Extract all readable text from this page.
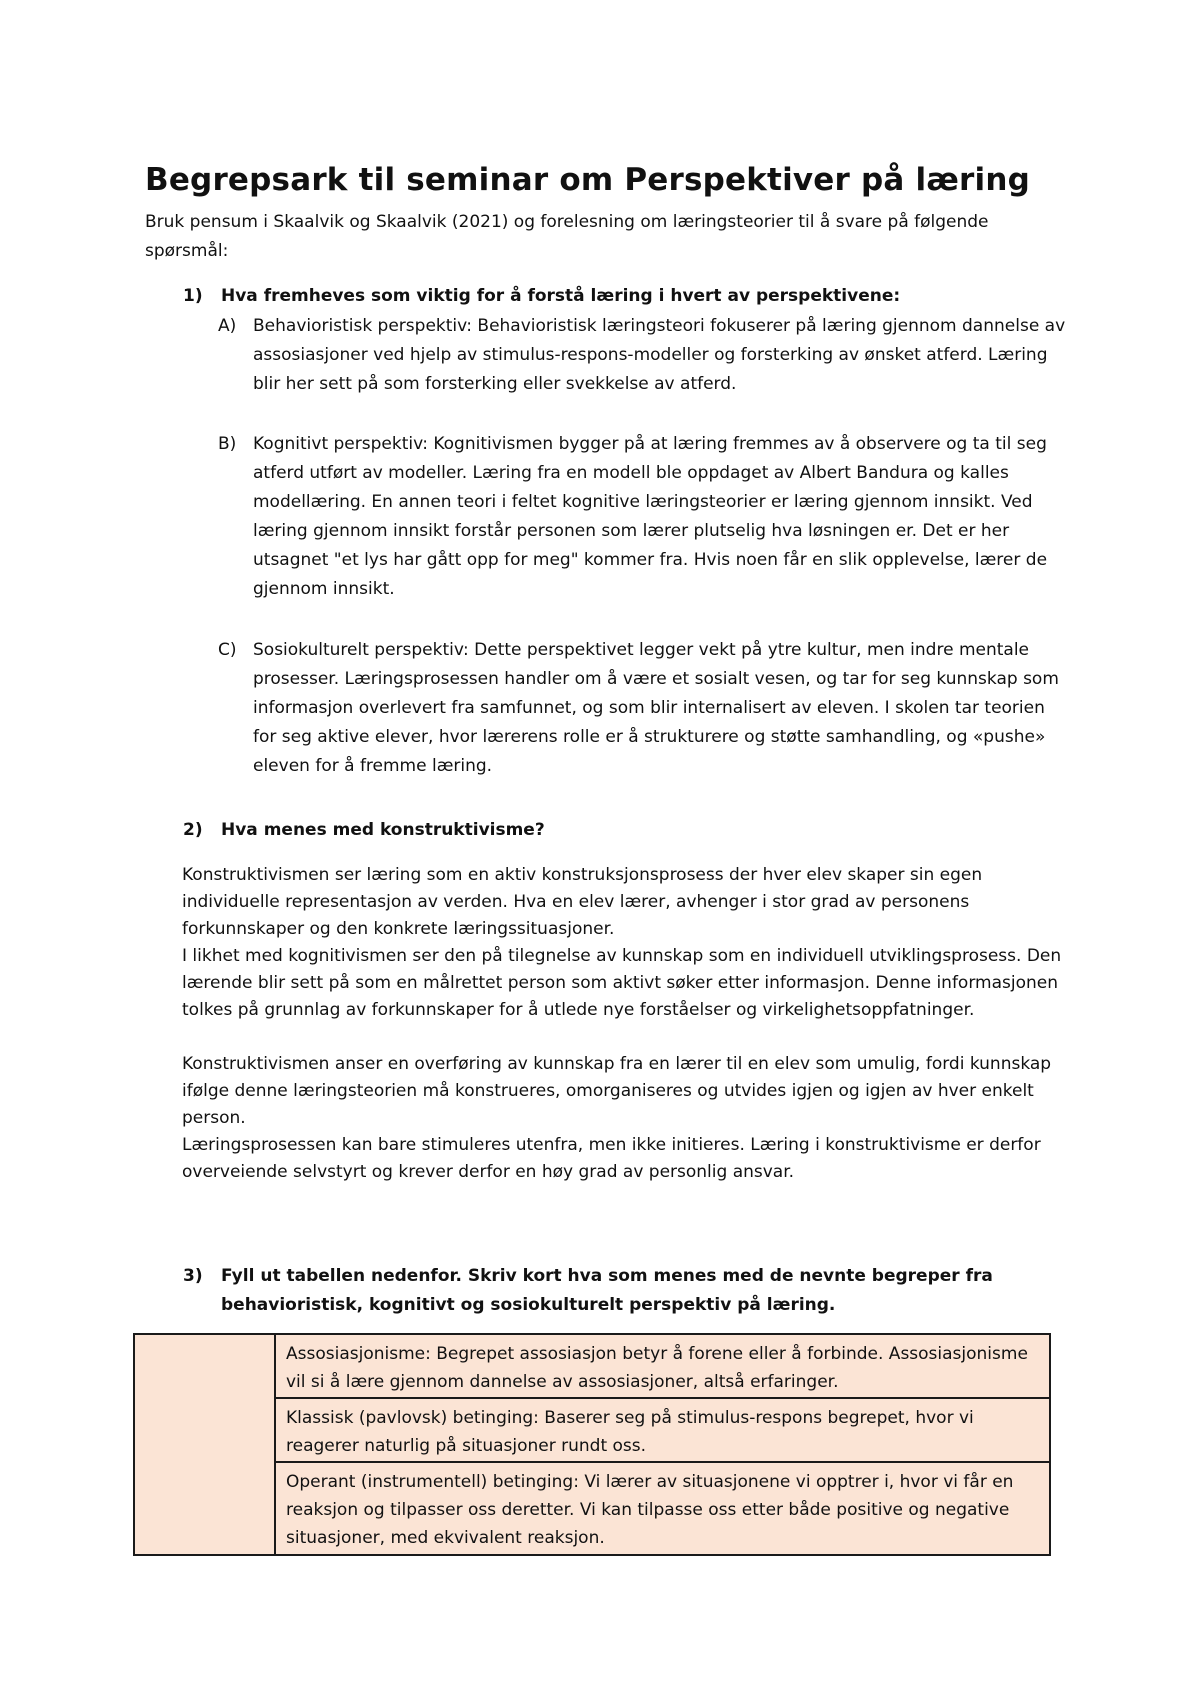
Begrepsark til seminar om Perspektiver på læring
Bruk pensum i Skaalvik og Skaalvik (2021) og forelesning om læringsteorier til å svare på følgende spørsmål:
1) Hva fremheves som viktig for å forstå læring i hvert av perspektivene:
A) Behavioristisk perspektiv: Behavioristisk læringsteori fokuserer på læring gjennom dannelse av assosiasjoner ved hjelp av stimulus-respons-modeller og forsterking av ønsket atferd. Læring blir her sett på som forsterking eller svekkelse av atferd.
B) Kognitivt perspektiv: Kognitivismen bygger på at læring fremmes av å observere og ta til seg atferd utført av modeller. Læring fra en modell ble oppdaget av Albert Bandura og kalles modellæring. En annen teori i feltet kognitive læringsteorier er læring gjennom innsikt. Ved læring gjennom innsikt forstår personen som lærer plutselig hva løsningen er. Det er her utsagnet "et lys har gått opp for meg" kommer fra. Hvis noen får en slik opplevelse, lærer de gjennom innsikt.
C) Sosiokulturelt perspektiv: Dette perspektivet legger vekt på ytre kultur, men indre mentale prosesser. Læringsprosessen handler om å være et sosialt vesen, og tar for seg kunnskap som informasjon overlevert fra samfunnet, og som blir internalisert av eleven. I skolen tar teorien for seg aktive elever, hvor lærerens rolle er å strukturere og støtte samhandling, og «pushe» eleven for å fremme læring.
2) Hva menes med konstruktivisme?
Konstruktivismen ser læring som en aktiv konstruksjonsprosess der hver elev skaper sin egen individuelle representasjon av verden. Hva en elev lærer, avhenger i stor grad av personens forkunnskaper og den konkrete læringssituasjoner.
I likhet med kognitivismen ser den på tilegnelse av kunnskap som en individuell utviklingsprosess. Den lærende blir sett på som en målrettet person som aktivt søker etter informasjon. Denne informasjonen tolkes på grunnlag av forkunnskaper for å utlede nye forståelser og virkelighetsoppfatninger.
Konstruktivismen anser en overføring av kunnskap fra en lærer til en elev som umulig, fordi kunnskap ifølge denne læringsteorien må konstrueres, omorganiseres og utvides igjen og igjen av hver enkelt person.
Læringsprosessen kan bare stimuleres utenfra, men ikke initieres. Læring i konstruktivisme er derfor overveiende selvstyrt og krever derfor en høy grad av personlig ansvar.
3) Fyll ut tabellen nedenfor. Skriv kort hva som menes med de nevnte begreper fra
behavioristisk, kognitivt og sosiokulturelt perspektiv på læring.
Assosiasjonisme: Begrepet assosiasjon betyr å forene eller å forbinde. Assosiasjonisme vil si å lære gjennom dannelse av assosiasjoner, altså erfaringer.
Klassisk (pavlovsk) betinging: Baserer seg på stimulus-respons begrepet, hvor vi reagerer naturlig på situasjoner rundt oss.
Operant (instrumentell) betinging: Vi lærer av situasjonene vi opptrer i, hvor vi får en reaksjon og tilpasser oss deretter. Vi kan tilpasse oss etter både positive og negative situasjoner, med ekvivalent reaksjon.
